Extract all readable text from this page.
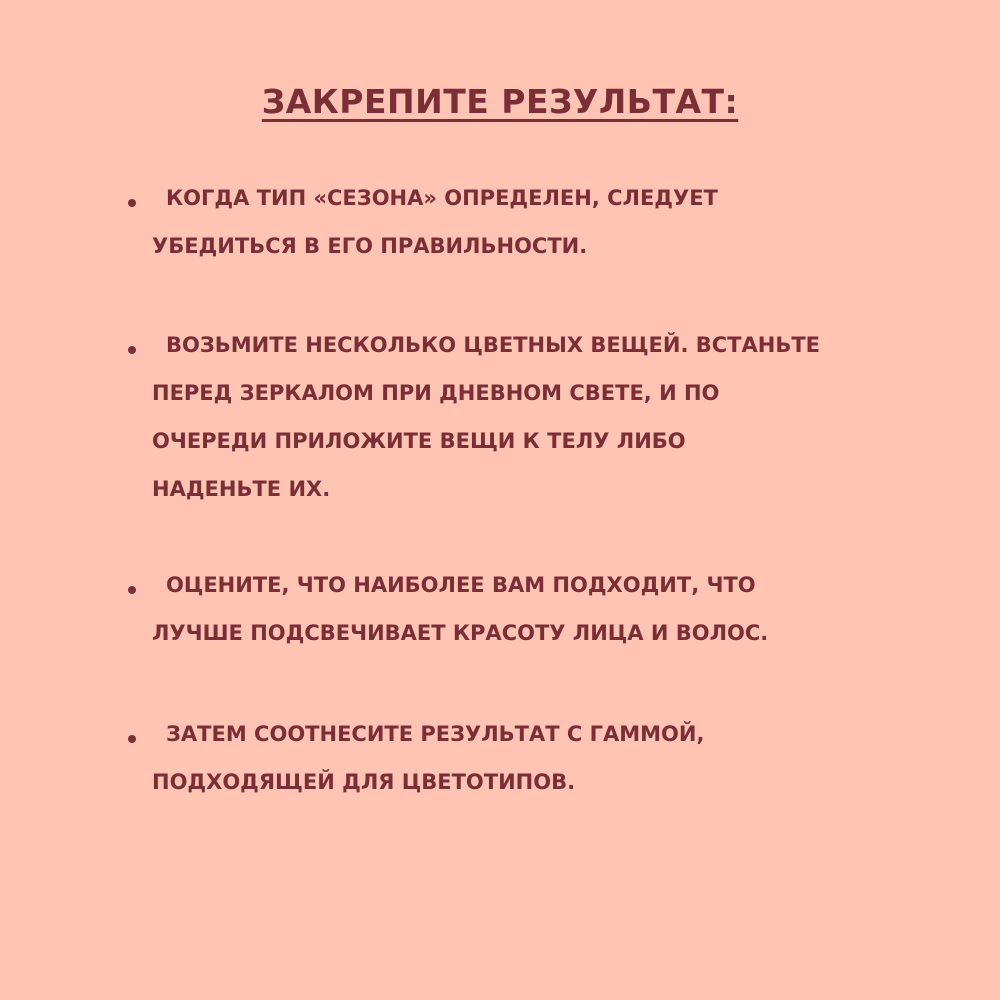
ЗАКРЕПИТЕ РЕЗУЛЬТАТ:

КОГДА ТИП «СЕЗОНА» ОПРЕДЕЛЕН, СЛЕДУЕТ
УБЕДИТЬСЯ В ЕГО ПРАВИЛЬНОСТИ.

ВОЗЬМИТЕ НЕСКОЛЬКО ЦВЕТНЫХ ВЕЩЕЙ. ВСТАНЬТЕ
ПЕРЕД ЗЕРКАЛОМ ПРИ ДНЕВНОМ СВЕТЕ, И ПО
ОЧЕРЕДИ ПРИЛОЖИТЕ ВЕЩИ К ТЕЛУ ЛИБО
НАДЕНЬТЕ ИХ.

ОЦЕНИТЕ, ЧТО НАИБОЛЕЕ ВАМ ПОДХОДИТ, ЧТО
ЛУЧШЕ ПОДСВЕЧИВАЕТ КРАСОТУ ЛИЦА И ВОЛОС.

ЗАТЕМ СООТНЕСИТЕ РЕЗУЛЬТАТ С ГАММОЙ,
ПОДХОДЯЩЕЙ ДЛЯ ЦВЕТОТИПОВ.
